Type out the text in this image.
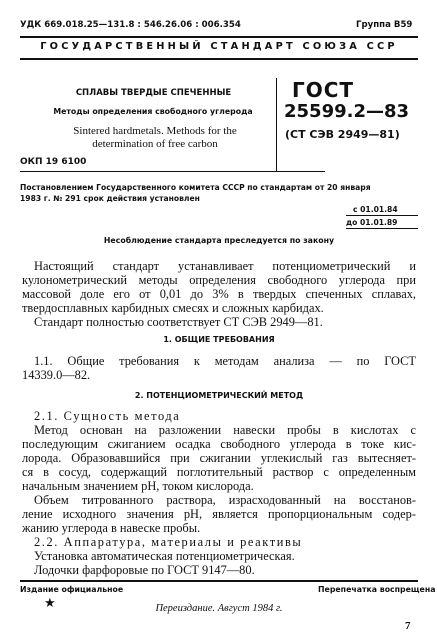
УДК 669.018.25—131.8 : 546.26.06 : 006.354	Группа В59
ГОСУДАРСТВЕННЫЙ СТАНДАРТ СОЮЗА ССР
СПЛАВЫ ТВЕРДЫЕ СПЕЧЕННЫЕ
Методы определения свободного углерода
Sintered hardmetals. Methods for the
determination of free carbon
ОКП 19 6100
ГОСТ
25599.2—83
(СТ СЭВ 2949—81)
Постановлением Государственного комитета СССР по стандартам от 20 января
1983 г. № 291 срок действия установлен
с 01.01.84
до 01.01.89
Несоблюдение стандарта преследуется по закону
Настоящий стандарт устанавливает потенциометрический и
кулонометрический методы определения свободного углерода при
массовой доле его от 0,01 до 3% в твердых спеченных сплавах,
твердосплавных карбидных смесях и сложных карбидах.
Стандарт полностью соответствует СТ СЭВ 2949—81.
1. ОБЩИЕ ТРЕБОВАНИЯ
1.1. Общие требования к методам анализа — по ГОСТ
14339.0—82.
2. ПОТЕНЦИОМЕТРИЧЕСКИЙ МЕТОД
2.1. Сущность метода
Метод основан на разложении навески пробы в кислотах с
последующим сжиганием осадка свободного углерода в токе кис-
лорода. Образовавшийся при сжигании углекислый газ вытесняет-
ся в сосуд, содержащий поглотительный раствор с определенным
начальным значением pH, током кислорода.
Объем титрованного раствора, израсходованный на восстанов-
ление исходного значения pH, является пропорциональным содер-
жанию углерода в навеске пробы.
2.2. Аппаратура, материалы и реактивы
Установка автоматическая потенциометрическая.
Лодочки фарфоровые по ГОСТ 9147—80.
Издание официальное	Перепечатка воспрещена
★	Переиздание. Август 1984 г.
7
